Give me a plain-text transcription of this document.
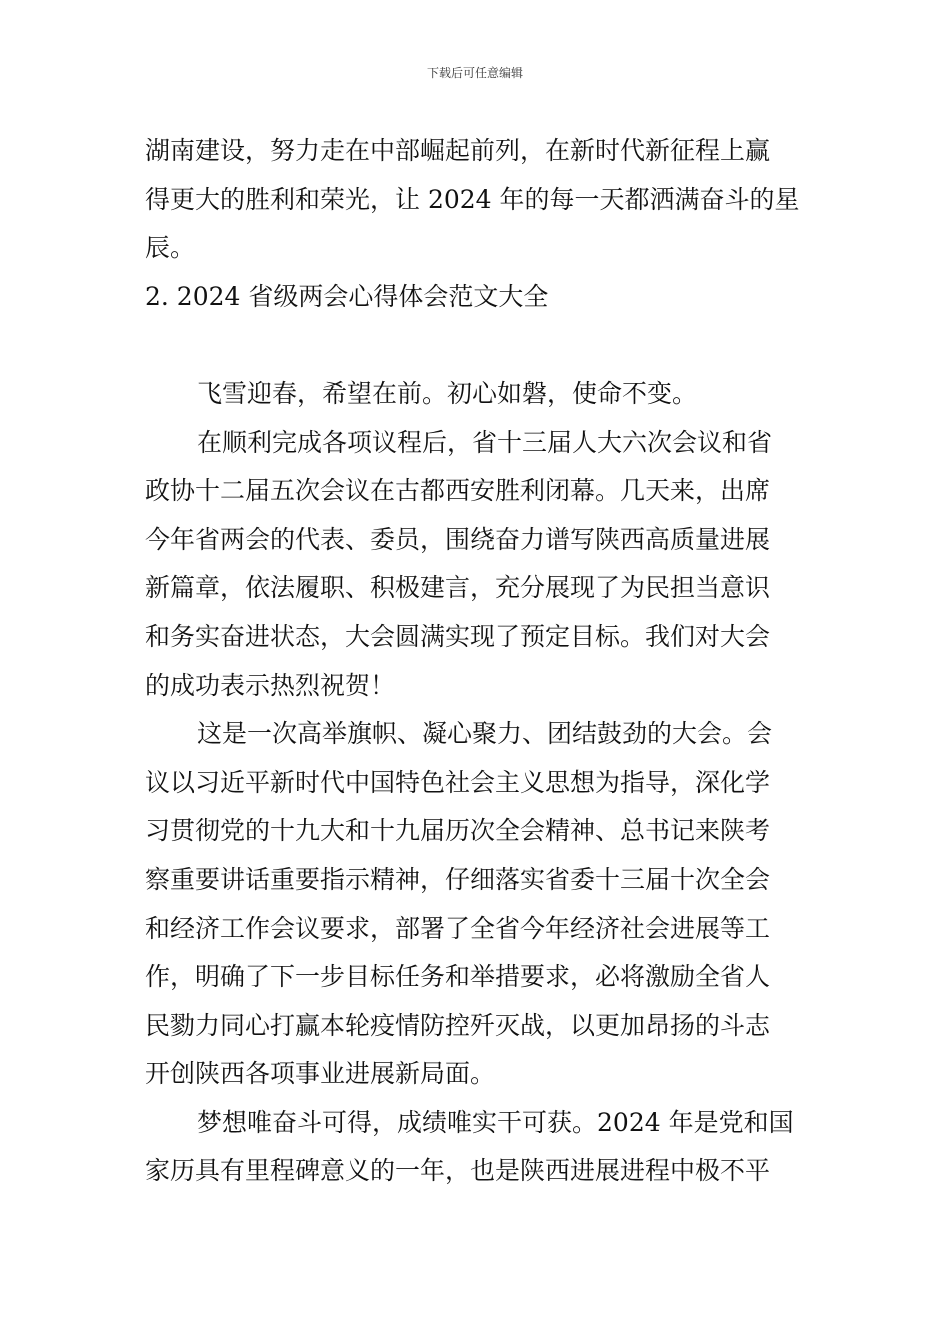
下载后可任意编辑
湖南建设，努力走在中部崛起前列，在新时代新征程上赢
得更大的胜利和荣光，让 2024 年的每一天都洒满奋斗的星
辰。
2. 2024 省级两会心得体会范文大全
飞雪迎春，希望在前。初心如磐，使命不变。
在顺利完成各项议程后，省十三届人大六次会议和省
政协十二届五次会议在古都西安胜利闭幕。几天来，出席
今年省两会的代表、委员，围绕奋力谱写陕西高质量进展
新篇章，依法履职、积极建言，充分展现了为民担当意识
和务实奋进状态，大会圆满实现了预定目标。我们对大会
的成功表示热烈祝贺！
这是一次高举旗帜、凝心聚力、团结鼓劲的大会。会
议以习近平新时代中国特色社会主义思想为指导，深化学
习贯彻党的十九大和十九届历次全会精神、总书记来陕考
察重要讲话重要指示精神，仔细落实省委十三届十次全会
和经济工作会议要求，部署了全省今年经济社会进展等工
作，明确了下一步目标任务和举措要求，必将激励全省人
民勠力同心打赢本轮疫情防控歼灭战，以更加昂扬的斗志
开创陕西各项事业进展新局面。
梦想唯奋斗可得，成绩唯实干可获。2024 年是党和国
家历具有里程碑意义的一年，也是陕西进展进程中极不平
